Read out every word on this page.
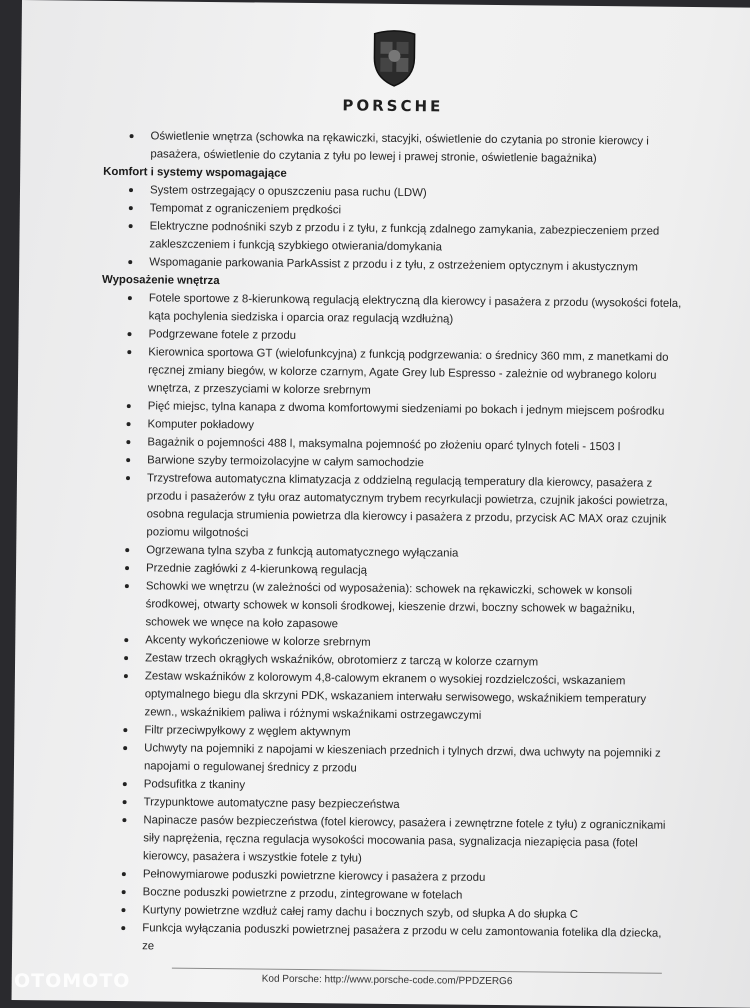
PORSCHE
Oświetlenie wnętrza (schowka na rękawiczki, stacyjki, oświetlenie do czytania po stronie kierowcy i pasażera, oświetlenie do czytania z tyłu po lewej i prawej stronie, oświetlenie bagażnika)
Komfort i systemy wspomagające
System ostrzegający o opuszczeniu pasa ruchu (LDW)
Tempomat z ograniczeniem prędkości
Elektryczne podnośniki szyb z przodu i z tyłu, z funkcją zdalnego zamykania, zabezpieczeniem przed zakleszczeniem i funkcją szybkiego otwierania/domykania
Wspomaganie parkowania ParkAssist z przodu i z tyłu, z ostrzeżeniem optycznym i akustycznym
Wyposażenie wnętrza
Fotele sportowe z 8-kierunkową regulacją elektryczną dla kierowcy i pasażera z przodu (wysokości fotela, kąta pochylenia siedziska i oparcia oraz regulacją wzdłużną)
Podgrzewane fotele z przodu
Kierownica sportowa GT (wielofunkcyjna) z funkcją podgrzewania: o średnicy 360 mm, z manetkami do ręcznej zmiany biegów, w kolorze czarnym, Agate Grey lub Espresso - zależnie od wybranego koloru wnętrza, z przeszyciami w kolorze srebrnym
Pięć miejsc, tylna kanapa z dwoma komfortowymi siedzeniami po bokach i jednym miejscem pośrodku
Komputer pokładowy
Bagażnik o pojemności 488 l, maksymalna pojemność po złożeniu oparć tylnych foteli - 1503 l
Barwione szyby termoizolacyjne w całym samochodzie
Trzystrefowa automatyczna klimatyzacja z oddzielną regulacją temperatury dla kierowcy, pasażera z przodu i pasażerów z tyłu oraz automatycznym trybem recyrkulacji powietrza, czujnik jakości powietrza, osobna regulacja strumienia powietrza dla kierowcy i pasażera z przodu, przycisk AC MAX oraz czujnik poziomu wilgotności
Ogrzewana tylna szyba z funkcją automatycznego wyłączania
Przednie zagłówki z 4-kierunkową regulacją
Schowki we wnętrzu (w zależności od wyposażenia): schowek na rękawiczki, schowek w konsoli środkowej, otwarty schowek w konsoli środkowej, kieszenie drzwi, boczny schowek w bagażniku, schowek we wnęce na koło zapasowe
Akcenty wykończeniowe w kolorze srebrnym
Zestaw trzech okrągłych wskaźników, obrotomierz z tarczą w kolorze czarnym
Zestaw wskaźników z kolorowym 4,8-calowym ekranem o wysokiej rozdzielczości, wskazaniem optymalnego biegu dla skrzyni PDK, wskazaniem interwału serwisowego, wskaźnikiem temperatury zewn., wskaźnikiem paliwa i różnymi wskaźnikami ostrzegawczymi
Filtr przeciwpyłkowy z węglem aktywnym
Uchwyty na pojemniki z napojami w kieszeniach przednich i tylnych drzwi, dwa uchwyty na pojemniki z napojami o regulowanej średnicy z przodu
Podsufitka z tkaniny
Trzypunktowe automatyczne pasy bezpieczeństwa
Napinacze pasów bezpieczeństwa (fotel kierowcy, pasażera i zewnętrzne fotele z tyłu) z ogranicznikami siły naprężenia, ręczna regulacja wysokości mocowania pasa, sygnalizacja niezapięcia pasa (fotel kierowcy, pasażera i wszystkie fotele z tyłu)
Pełnowymiarowe poduszki powietrzne kierowcy i pasażera z przodu
Boczne poduszki powietrzne z przodu, zintegrowane w fotelach
Kurtyny powietrzne wzdłuż całej ramy dachu i bocznych szyb, od słupka A do słupka C
Funkcja wyłączania poduszki powietrznej pasażera z przodu w celu zamontowania fotelika dla dziecka, ze
Kod Porsche: http://www.porsche-code.com/PPDZERG6
OTOMOTO
